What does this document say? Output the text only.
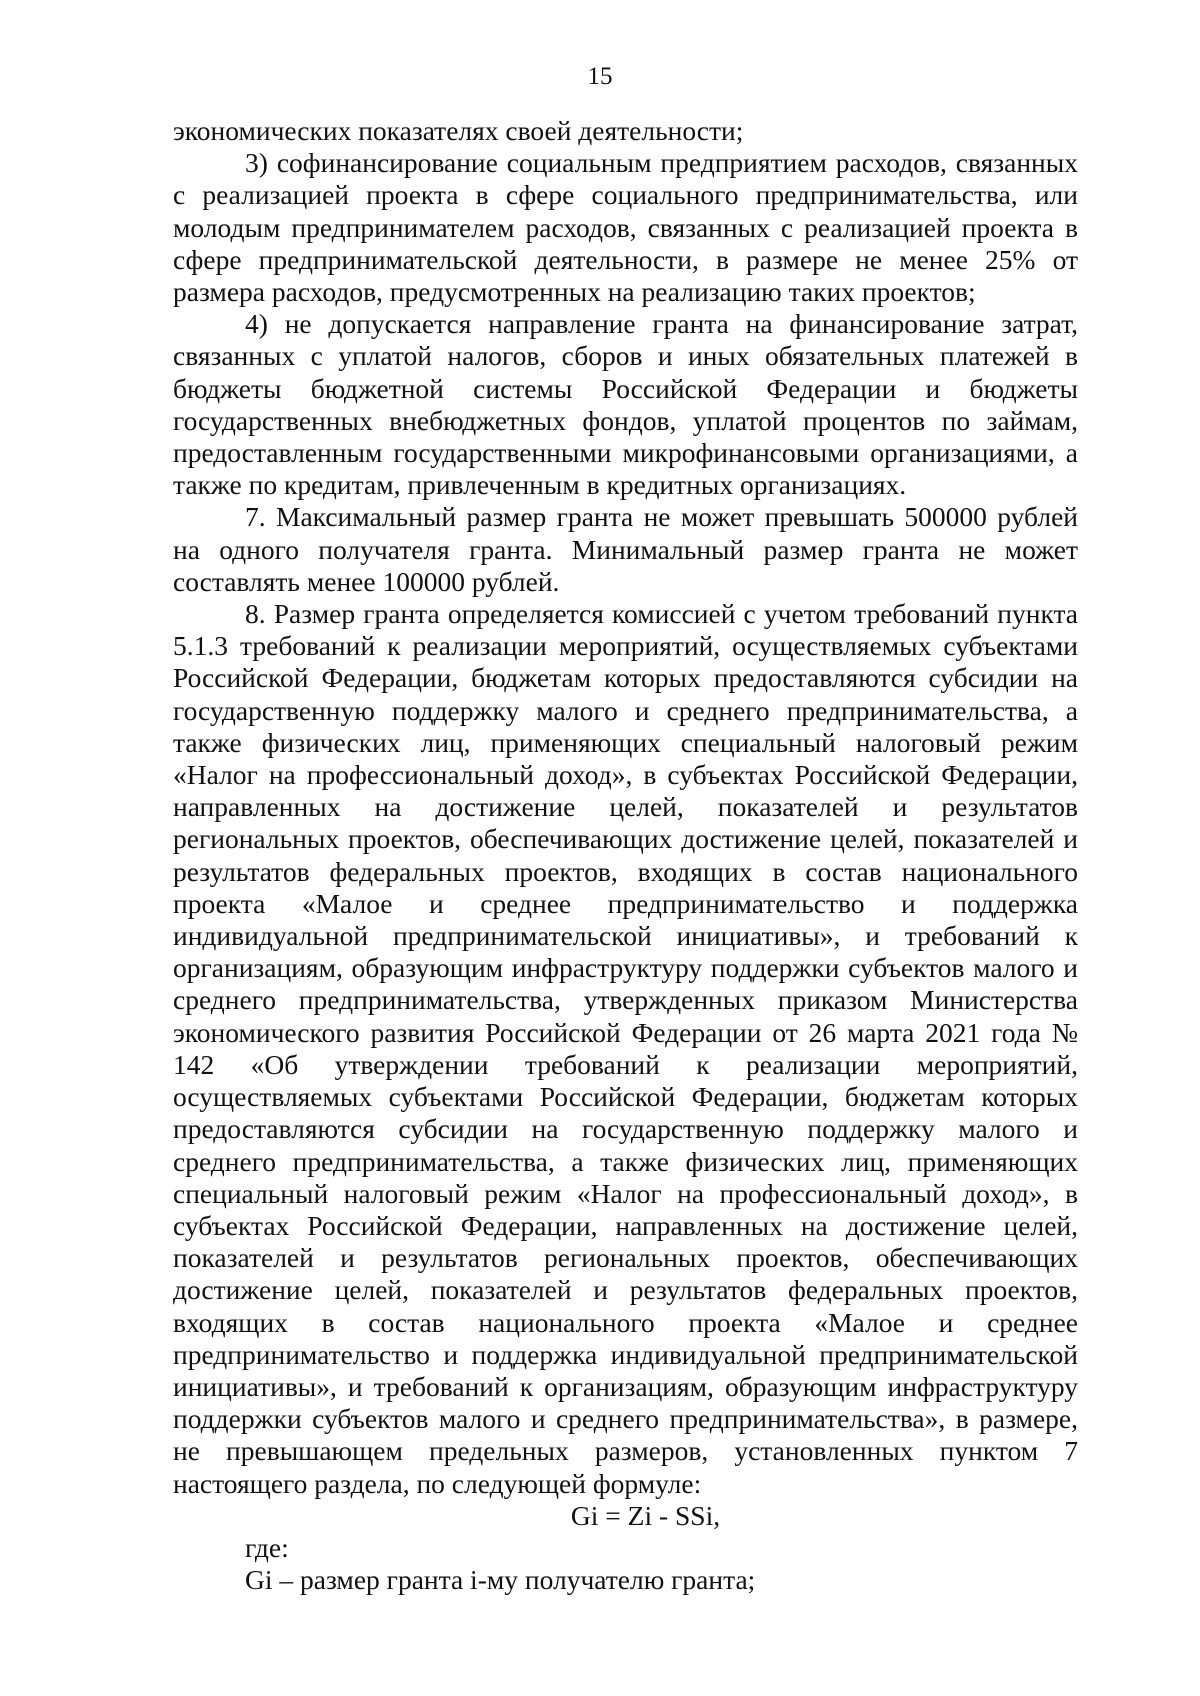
15

экономических показателях своей деятельности;

3) софинансирование социальным предприятием расходов, связанных с реализацией проекта в сфере социального предпринимательства, или молодым предпринимателем расходов, связанных с реализацией проекта в сфере предпринимательской деятельности, в размере не менее 25% от размера расходов, предусмотренных на реализацию таких проектов;

4) не допускается направление гранта на финансирование затрат, связанных с уплатой налогов, сборов и иных обязательных платежей в бюджеты бюджетной системы Российской Федерации и бюджеты государственных внебюджетных фондов, уплатой процентов по займам, предоставленным государственными микрофинансовыми организациями, а также по кредитам, привлеченным в кредитных организациях.

7. Максимальный размер гранта не может превышать 500000 рублей на одного получателя гранта. Минимальный размер гранта не может составлять менее 100000 рублей.

8. Размер гранта определяется комиссией с учетом требований пункта 5.1.3 требований к реализации мероприятий, осуществляемых субъектами Российской Федерации, бюджетам которых предоставляются субсидии на государственную поддержку малого и среднего предпринимательства, а также физических лиц, применяющих специальный налоговый режим «Налог на профессиональный доход», в субъектах Российской Федерации, направленных на достижение целей, показателей и результатов региональных проектов, обеспечивающих достижение целей, показателей и результатов федеральных проектов, входящих в состав национального проекта «Малое и среднее предпринимательство и поддержка индивидуальной предпринимательской инициативы», и требований к организациям, образующим инфраструктуру поддержки субъектов малого и среднего предпринимательства, утвержденных приказом Министерства экономического развития Российской Федерации от 26 марта 2021 года № 142 «Об утверждении требований к реализации мероприятий, осуществляемых субъектами Российской Федерации, бюджетам которых предоставляются субсидии на государственную поддержку малого и среднего предпринимательства, а также физических лиц, применяющих специальный налоговый режим «Налог на профессиональный доход», в субъектах Российской Федерации, направленных на достижение целей, показателей и результатов региональных проектов, обеспечивающих достижение целей, показателей и результатов федеральных проектов, входящих в состав национального проекта «Малое и среднее предпринимательство и поддержка индивидуальной предпринимательской инициативы», и требований к организациям, образующим инфраструктуру поддержки субъектов малого и среднего предпринимательства», в размере, не превышающем предельных размеров, установленных пунктом 7 настоящего раздела, по следующей формуле:

Gi = Zi - SSi,

где:

Gi – размер гранта i-му получателю гранта;
